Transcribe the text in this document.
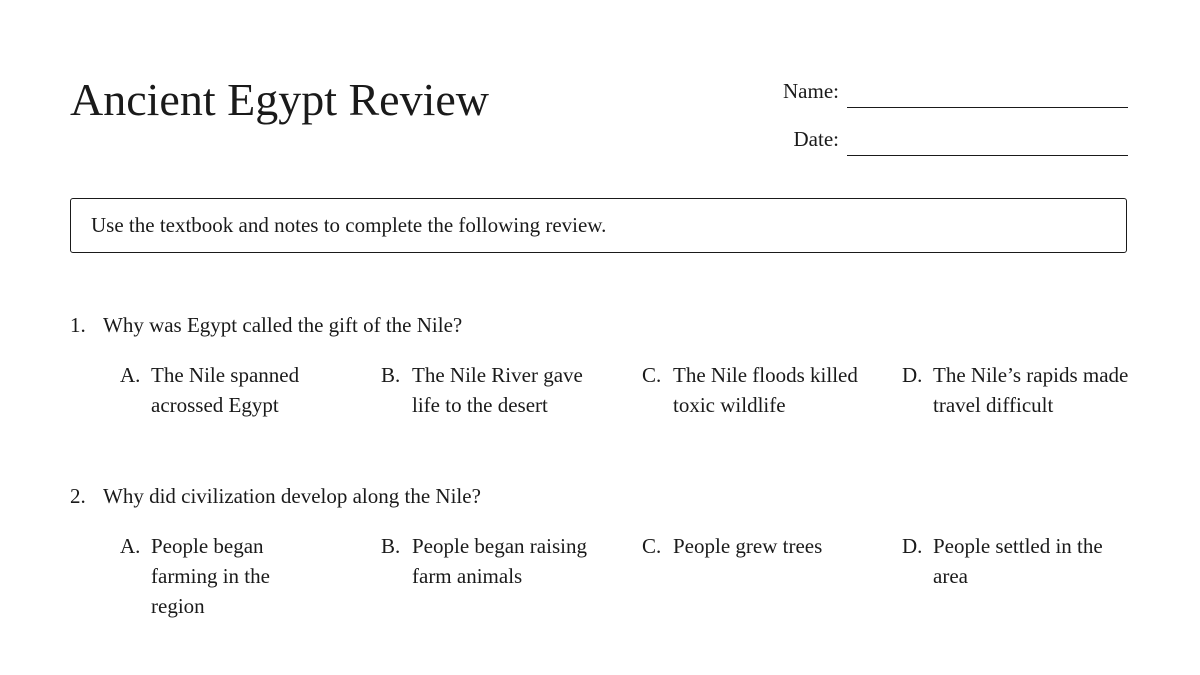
Ancient Egypt Review	Name:
Date:
Use the textbook and notes to complete the following review.
1. Why was Egypt called the gift of the Nile?
A. The Nile spanned acrossed Egypt
B. The Nile River gave life to the desert
C. The Nile floods killed toxic wildlife
D. The Nile’s rapids made travel difficult
2. Why did civilization develop along the Nile?
A. People began farming in the region
B. People began raising farm animals
C. People grew trees	D. People settled in the area
